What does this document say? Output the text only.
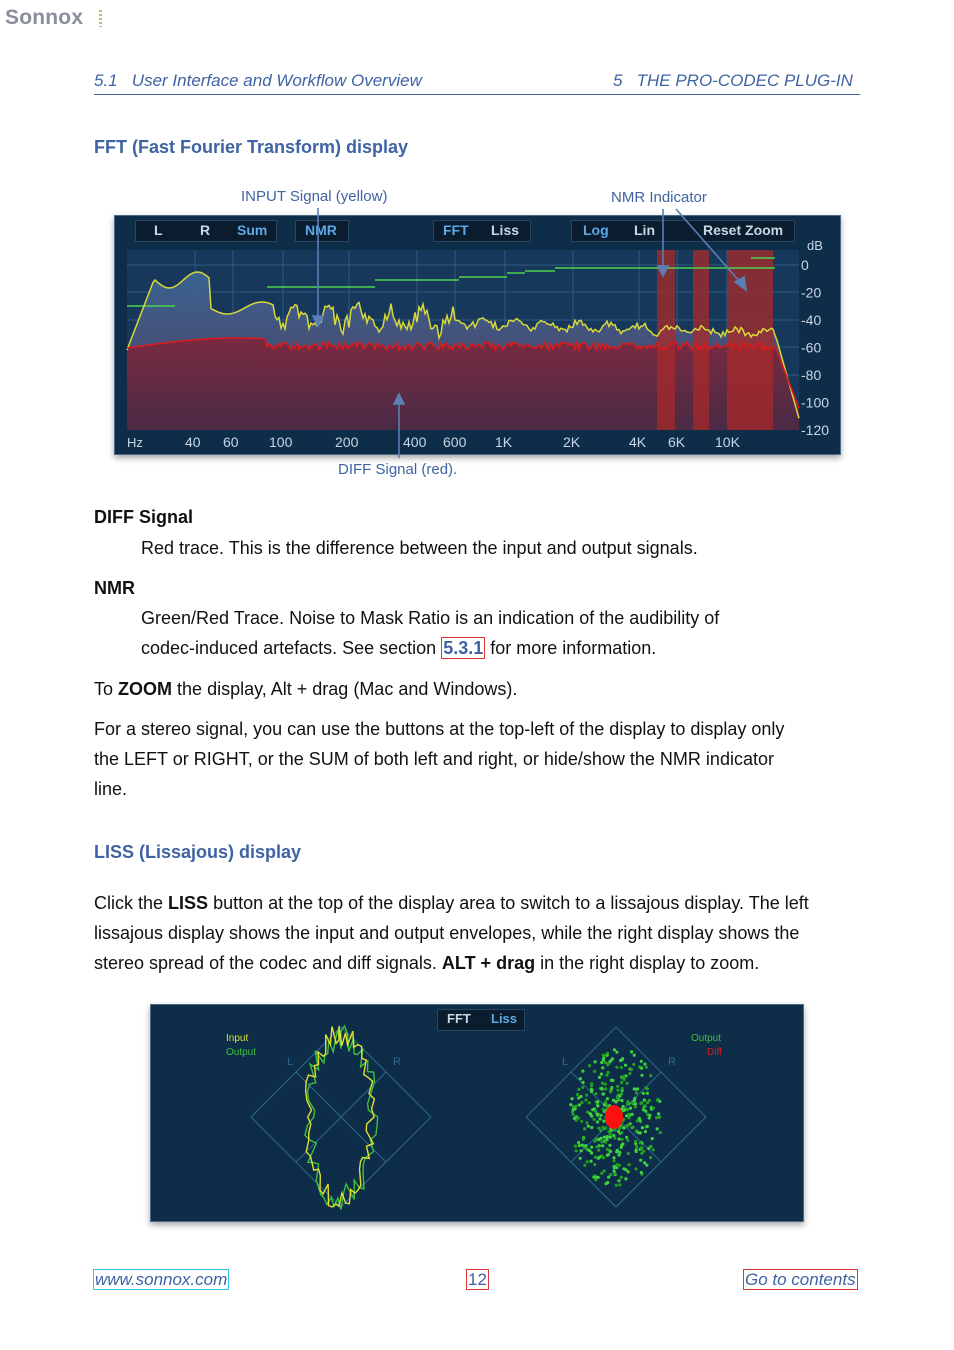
Sonnox
5.1   User Interface and Workflow Overview	5   THE PRO-CODEC PLUG-IN
FFT (Fast Fourier Transform) display
INPUT Signal (yellow)	NMR Indicator
DIFF Signal (red).
L	R Sum	NMR	FFT Liss	Log Lin	Reset Zoom
dB
0
-20
-40
-60
-80
-100
-120
Hz	40 60 100	200	400 600 1K	2K	4K 6K 10K
DIFF Signal
Red trace. This is the difference between the input and output signals.
NMR
Green/Red Trace. Noise to Mask Ratio is an indication of the audibility of
codec-induced artefacts. See section 5.3.1 for more information.
To ZOOM the display, Alt + drag (Mac and Windows).
For a stereo signal, you can use the buttons at the top-left of the display to display only
the LEFT or RIGHT, or the SUM of both left and right, or hide/show the NMR indicator
line.
LISS (Lissajous) display
Click the LISS button at the top of the display area to switch to a lissajous display. The left
lissajous display shows the input and output envelopes, while the right display shows the
stereo spread of the codec and diff signals. ALT + drag in the right display to zoom.
FFT Liss
Input
Output
Output
Diff
L	R	L	R
www.sonnox.com	12	Go to contents
